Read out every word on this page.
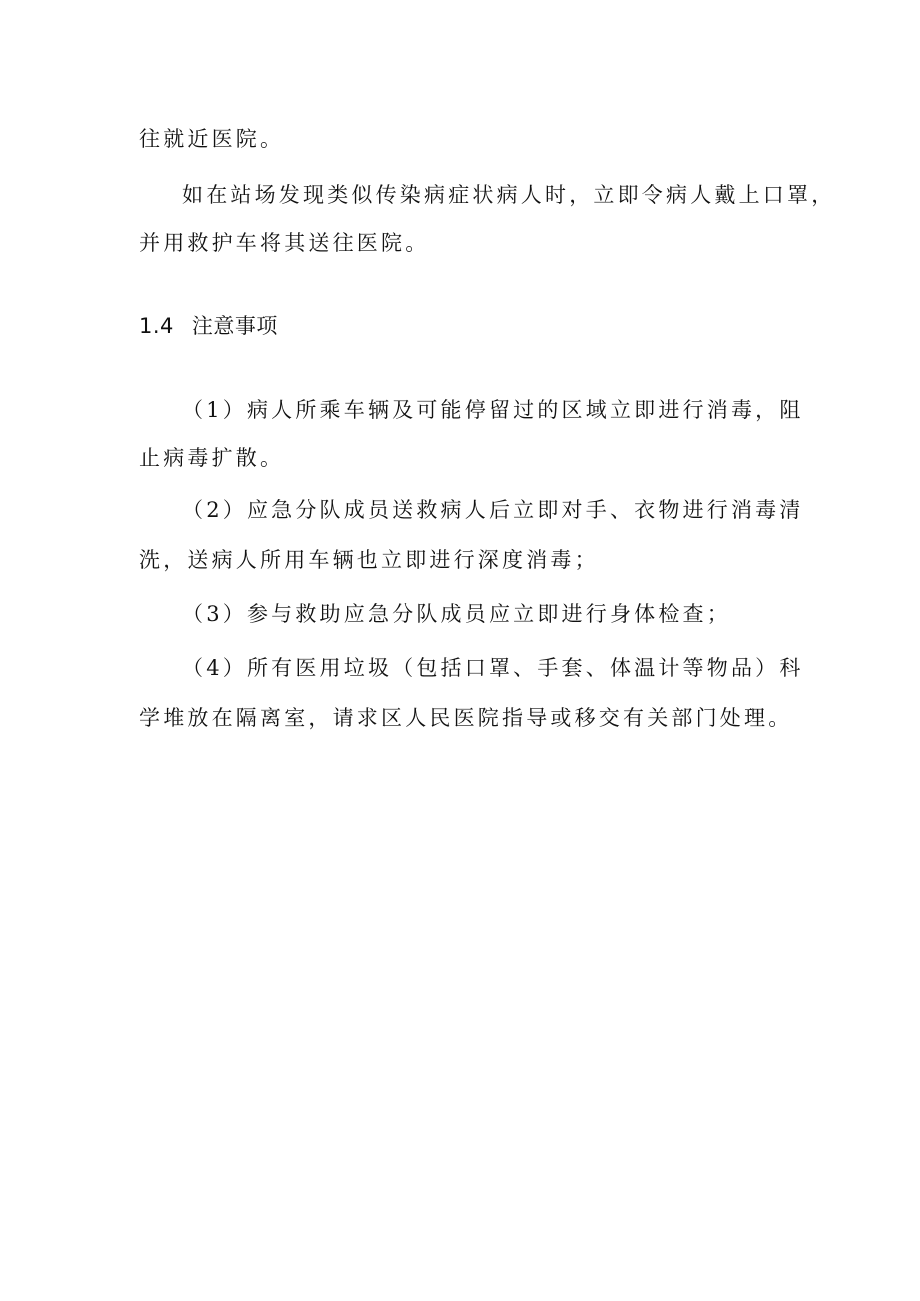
往就近医院。
如在站场发现类似传染病症状病人时，立即令病人戴上口罩，
并用救护车将其送往医院。
1.4 注意事项
（1）病人所乘车辆及可能停留过的区域立即进行消毒，阻
止病毒扩散。
（2）应急分队成员送救病人后立即对手、衣物进行消毒清
洗，送病人所用车辆也立即进行深度消毒；
（3）参与救助应急分队成员应立即进行身体检查；
（4）所有医用垃圾（包括口罩、手套、体温计等物品）科
学堆放在隔离室，请求区人民医院指导或移交有关部门处理。
